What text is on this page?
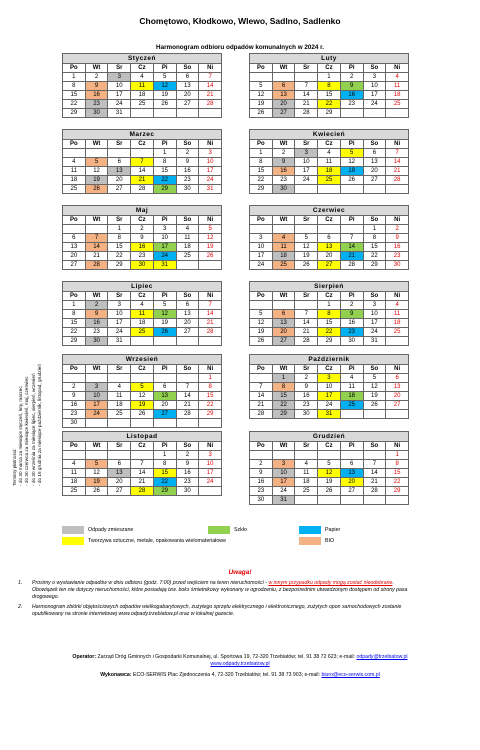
Chomętowo, Kłodkowo, Wlewo, Sadlno, Sadlenko
Harmonogram odbioru odpadów komunalnych w 2024 r.
Terminy płatności: - do 30 marca za miesiące styczeń, luty, marzec - do 30 czerwca za miesiące kwiecień, maj, czerwiec - do 30 września za miesiące lipiec, sierpień, wrzesień - do 15 grudnia za miesiące październik, listopad, grudzień
Styczeń						
Po	Wt	Śr	Cz	Pi	So	Ni
1	2	3	4	5	6	7
8	9	10	11	12	13	14
15	16	17	18	19	20	21
22	23	24	25	26	27	28
29	30	31				
Luty						
Po	Wt	Śr	Cz	Pi	So	Ni
			1	2	3	4
5	6	7	8	9	10	11
12	13	14	15	16	17	18
19	20	21	22	23	24	25
26	27	28	29			
Marzec						
Po	Wt	Śr	Cz	Pi	So	Ni
				1	2	3
4	5	6	7	8	9	10
11	12	13	14	15	16	17
18	19	20	21	22	23	24
25	26	27	28	29	30	31
Kwiecień						
Po	Wt	Śr	Cz	Pi	So	Ni
1	2	3	4	5	6	7
8	9	10	11	12	13	14
15	16	17	18	19	20	21
22	23	24	25	26	27	28
29	30					
Maj						
Po	Wt	Śr	Cz	Pi	So	Ni
		1	2	3	4	5
6	7	8	9	10	11	12
13	14	15	16	17	18	19
20	21	22	23	24	25	26
27	28	29	30	31		
Czerwiec						
Po	Wt	Śr	Cz	Pi	So	Ni
					1	2
3	4	5	6	7	8	9
10	11	12	13	14	15	16
17	18	19	20	21	22	23
24	25	26	27	28	29	30
Lipiec						
Po	Wt	Śr	Cz	Pi	So	Ni
1	2	3	4	5	6	7
8	9	10	11	12	13	14
15	16	17	18	19	20	21
22	23	24	25	26	27	28
29	30	31				
Sierpień						
Po	Wt	Śr	Cz	Pi	So	Ni
			1	2	3	4
5	6	7	8	9	10	11
12	13	14	15	16	17	18
19	20	21	22	23	24	25
26	27	28	29	30	31	
Wrzesień						
Po	Wt	Śr	Cz	Pi	So	Ni
						1
2	3	4	5	6	7	8
9	10	11	12	13	14	15
16	17	18	19	20	21	22
23	24	25	26	27	28	29
30						
Październik						
Po	Wt	Śr	Cz	Pi	So	Ni
	1	2	3	4	5	6
7	8	9	10	11	12	13
14	15	16	17	18	19	20
21	22	23	24	25	26	27
28	29	30	31			
Listopad						
Po	Wt	Śr	Cz	Pi	So	Ni
				1	2	3
4	5	6	7	8	9	10
11	12	13	14	15	16	17
18	19	20	21	22	23	24
25	26	27	28	29	30	
Grudzień						
Po	Wt	Śr	Cz	Pi	So	Ni
						1
2	3	4	5	6	7	8
9	10	11	12	13	14	15
16	17	18	19	20	21	22
23	24	25	26	27	28	29
30	31					
Odpady zmieszane	Szkło	Papier
Tworzywa sztuczne, metale, opakowania wielomateriałowe	BIO
Uwaga!
1. Prosimy o wystawianie odpadów w dniu odbioru (godz. 7:00) przed wejściem na teren nieruchomości - w innym przypadku odpady mogą zostać nieodebrane. Obowiązek ten nie dotyczy nieruchomości, które posiadają tzw. boks śmietnikowy wykonany w ogrodzeniu, z bezpośrednim utwardzonym dostępem od strony pasa drogowego.
2. Harmonogram zbiórki objętościowych odpadów wielkogabarytowych, zużytego sprzętu elektrycznego i elektronicznego, zużytych opon samochodowych zostanie opublikowany na stronie internetowej www.odpady.trzebiatow.pl oraz w lokalnej gazecie.
Operator: Zarząd Dróg Gminnych i Gospodarki Komunalnej, ul. Sportowa 19, 72-320 Trzebiatów; tel. 91 38 72 623; e-mail: odpady@trzebiatow.pl
www.odpady.trzebiatow.pl
Wykonawca: ECO-SERWIS Plac Zjednoczenia 4, 72-320 Trzebiatów; tel. 91 38 73 903; e-mail: biuro@eco-serwis.com.pl
